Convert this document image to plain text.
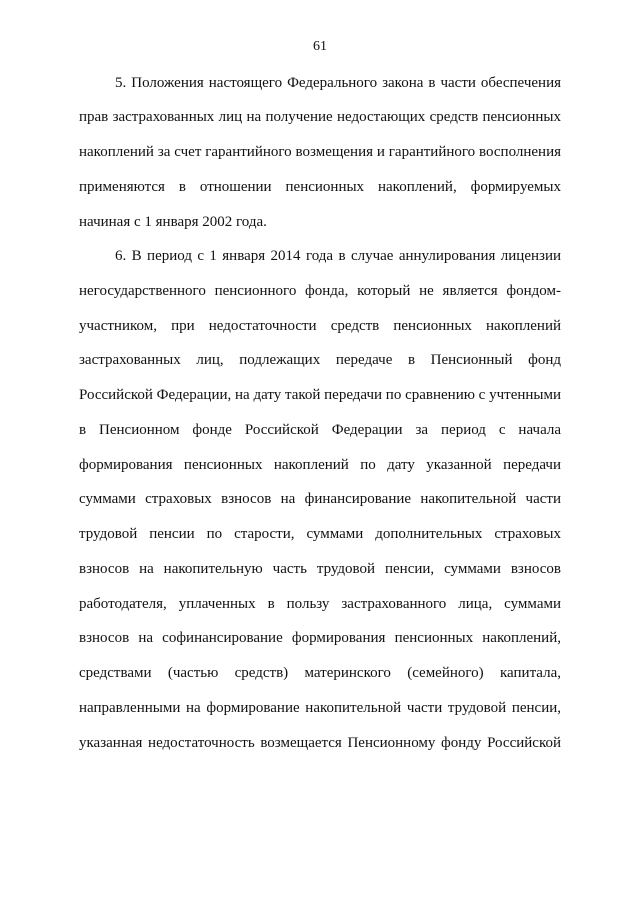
61
5. Положения настоящего Федерального закона в части обеспечения
прав застрахованных лиц на получение недостающих средств пенсионных
накоплений за счет гарантийного возмещения и гарантийного восполнения
применяются в отношении пенсионных накоплений, формируемых
начиная с 1 января 2002 года.
6. В период с 1 января 2014 года в случае аннулирования лицензии
негосударственного пенсионного фонда, который не является фондом-
участником, при недостаточности средств пенсионных накоплений
застрахованных лиц, подлежащих передаче в Пенсионный фонд
Российской Федерации, на дату такой передачи по сравнению с учтенными
в Пенсионном фонде Российской Федерации за период с начала
формирования пенсионных накоплений по дату указанной передачи
суммами страховых взносов на финансирование накопительной части
трудовой пенсии по старости, суммами дополнительных страховых
взносов на накопительную часть трудовой пенсии, суммами взносов
работодателя, уплаченных в пользу застрахованного лица, суммами
взносов на софинансирование формирования пенсионных накоплений,
средствами (частью средств) материнского (семейного) капитала,
направленными на формирование накопительной части трудовой пенсии,
указанная недостаточность возмещается Пенсионному фонду Российской
